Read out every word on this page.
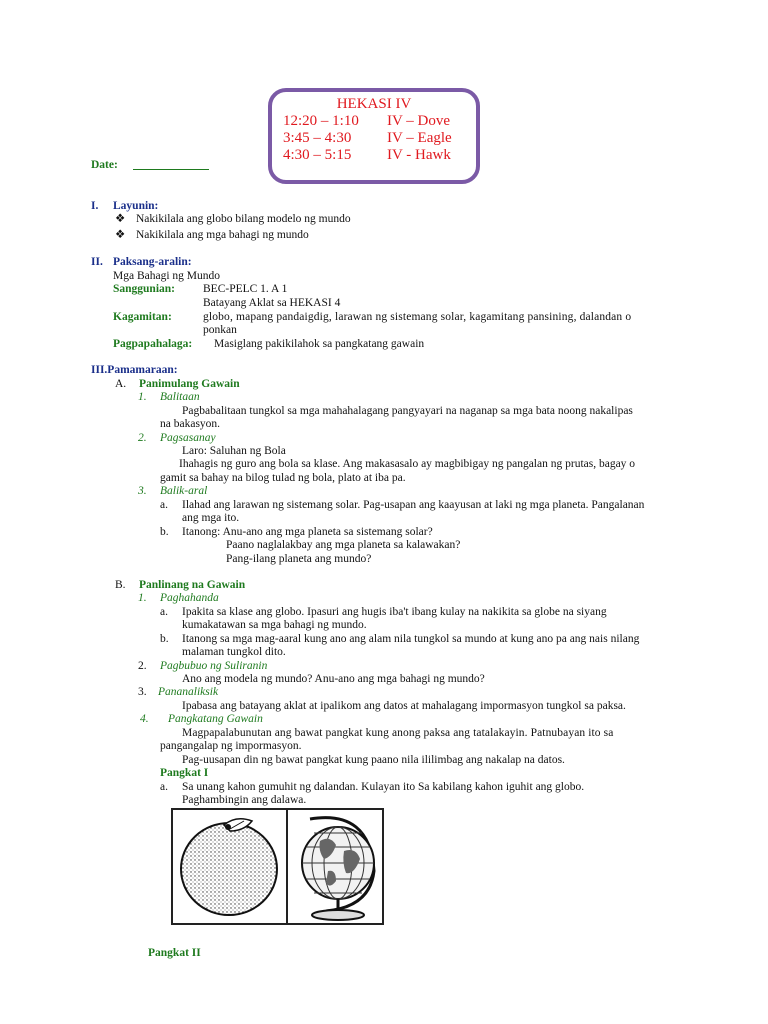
HEKASI IV
12:20 – 1:10	IV – Dove
3:45 – 4:30	IV – Eagle
4:30 – 5:15	IV - Hawk
Date:
I. Layunin:
❖ Nakikilala ang globo bilang modelo ng mundo
❖ Nakikilala ang mga bahagi ng mundo
II. Paksang-aralin:
Mga Bahagi ng Mundo
Sanggunian: BEC-PELC 1. A 1
Batayang Aklat sa HEKASI 4
Kagamitan:	globo, mapang pandaigdig, larawan ng sistemang solar, kagamitang pansining, dalandan o
ponkan
Pagpapahalaga: Masiglang pakikilahok sa pangkatang gawain
III.Pamamaraan:
A. Panimulang Gawain
1. Balitaan
Pagbabalitaan tungkol sa mga mahahalagang pangyayari na naganap sa mga bata noong nakalipas
na bakasyon.
2. Pagsasanay
Laro: Saluhan ng Bola
Ihahagis ng guro ang bola sa klase. Ang makasasalo ay magbibigay ng pangalan ng prutas, bagay o
gamit sa bahay na bilog tulad ng bola, plato at iba pa.
3. Balik-aral
a. Ilahad ang larawan ng sistemang solar. Pag-usapan ang kaayusan at laki ng mga planeta. Pangalanan
ang mga ito.
b. Itanong: Anu-ano ang mga planeta sa sistemang solar?
Paano naglalakbay ang mga planeta sa kalawakan?
Pang-ilang planeta ang mundo?
B. Panlinang na Gawain
1. Paghahanda
a. Ipakita sa klase ang globo. Ipasuri ang hugis iba't ibang kulay na nakikita sa globe na siyang
kumakatawan sa mga bahagi ng mundo.
b. Itanong sa mga mag-aaral kung ano ang alam nila tungkol sa mundo at kung ano pa ang nais nilang
malaman tungkol dito.
2. Pagbubuo ng Suliranin
Ano ang modela ng mundo? Anu-ano ang mga bahagi ng mundo?
3. Pananaliksik
Ipabasa ang batayang aklat at ipalikom ang datos at mahalagang impormasyon tungkol sa paksa.
4. Pangkatang Gawain
Magpapalabunutan ang bawat pangkat kung anong paksa ang tatalakayin. Patnubayan ito sa
pangangalap ng impormasyon.
Pag-uusapan din ng bawat pangkat kung paano nila ililimbag ang nakalap na datos.
Pangkat I
a. Sa unang kahon gumuhit ng dalandan. Kulayan ito Sa kabilang kahon iguhit ang globo.
Paghambingin ang dalawa.
Pangkat II
